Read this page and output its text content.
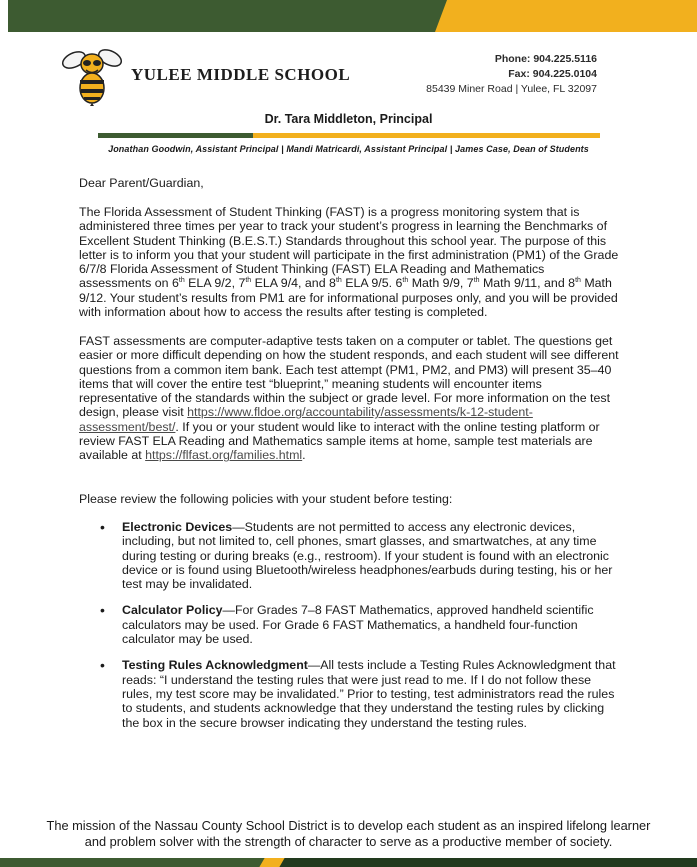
YULEE MIDDLE SCHOOL
Phone: 904.225.5116
Fax: 904.225.0104
85439 Miner Road | Yulee, FL 32097
Dr. Tara Middleton, Principal
Jonathan Goodwin, Assistant Principal | Mandi Matricardi, Assistant Principal | James Case, Dean of Students
Dear Parent/Guardian,

The Florida Assessment of Student Thinking (FAST) is a progress monitoring system that is administered three times per year to track your student’s progress in learning the Benchmarks of Excellent Student Thinking (B.E.S.T.) Standards throughout this school year. The purpose of this letter is to inform you that your student will participate in the first administration (PM1) of the Grade 6/7/8 Florida Assessment of Student Thinking (FAST) ELA Reading and Mathematics assessments on 6th ELA 9/2, 7th ELA 9/4, and 8th ELA 9/5. 6th Math 9/9, 7th Math 9/11, and 8th Math 9/12. Your student’s results from PM1 are for informational purposes only, and you will be provided with information about how to access the results after testing is completed.

FAST assessments are computer-adaptive tests taken on a computer or tablet. The questions get easier or more difficult depending on how the student responds, and each student will see different questions from a common item bank. Each test attempt (PM1, PM2, and PM3) will present 35–40 items that will cover the entire test “blueprint,” meaning students will encounter items representative of the standards within the subject or grade level. For more information on the test design, please visit https://www.fldoe.org/accountability/assessments/k-12-student-assessment/best/. If you or your student would like to interact with the online testing platform or review FAST ELA Reading and Mathematics sample items at home, sample test materials are available at https://flfast.org/families.html.

Please review the following policies with your student before testing:
• Electronic Devices—Students are not permitted to access any electronic devices, including, but not limited to, cell phones, smart glasses, and smartwatches, at any time during testing or during breaks (e.g., restroom). If your student is found with an electronic device or is found using Bluetooth/wireless headphones/earbuds during testing, his or her test may be invalidated.
• Calculator Policy—For Grades 7–8 FAST Mathematics, approved handheld scientific calculators may be used. For Grade 6 FAST Mathematics, a handheld four-function calculator may be used.
• Testing Rules Acknowledgment—All tests include a Testing Rules Acknowledgment that reads: “I understand the testing rules that were just read to me. If I do not follow these rules, my test score may be invalidated.” Prior to testing, test administrators read the rules to students, and students acknowledge that they understand the testing rules by clicking the box in the secure browser indicating they understand the testing rules.
The mission of the Nassau County School District is to develop each student as an inspired lifelong learner
and problem solver with the strength of character to serve as a productive member of society.
